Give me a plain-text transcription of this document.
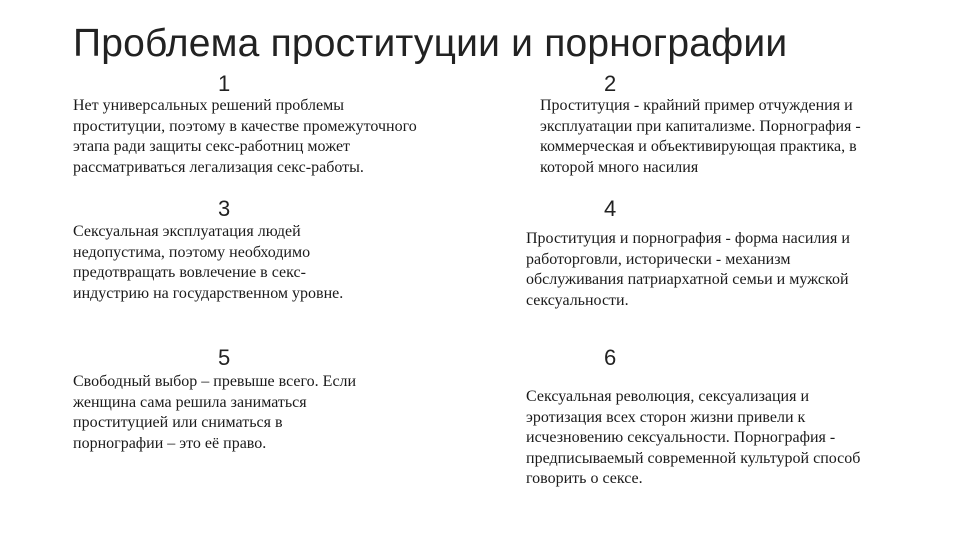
Проблема проституции и порнографии
1
Нет универсальных решений проблемы
проституции, поэтому в качестве промежуточного
этапа ради защиты секс-работниц может
рассматриваться легализация секс-работы.
2
Проституция - крайний пример отчуждения и
эксплуатации при капитализме. Порнография -
коммерческая и объективирующая практика, в
которой много насилия
3
Сексуальная эксплуатация людей
недопустима, поэтому необходимо
предотвращать вовлечение в секс-
индустрию на государственном уровне.
4
Проституция и порнография - форма насилия и
работорговли, исторически - механизм
обслуживания патриархатной семьи и мужской
сексуальности.
5
Свободный выбор – превыше всего. Если
женщина сама решила заниматься
проституцией или сниматься в
порнографии – это её право.
6
Сексуальная революция, сексуализация и
эротизация всех сторон жизни привели к
исчезновению сексуальности. Порнография -
предписываемый современной культурой способ
говорить о сексе.
